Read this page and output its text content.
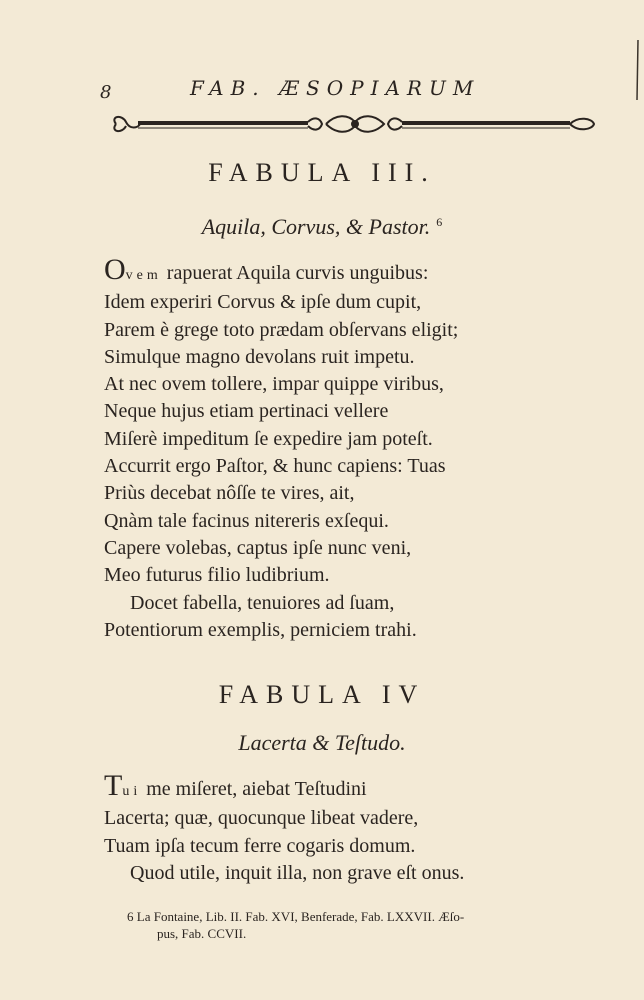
8	FAB. ÆSOPIARUM
FABULA III.
Aquila, Corvus, & Pastor. $^6$
Ovem rapuerat Aquila curvis unguibus:
Idem experiri Corvus & ipſe dum cupit,
Parem è grege toto prædam obſervans eligit;
Simulque magno devolans ruit impetu.
At nec ovem tollere, impar quippe viribus,
Neque hujus etiam pertinaci vellere
Miſerè impeditum ſe expedire jam poteſt.
Accurrit ergo Paſtor, & hunc capiens: Tuas
Priùs decebat nôſſe te vires, ait,
Qnàm tale facinus nitereris exſequi.
Capere volebas, captus ipſe nunc veni,
Meo futurus filio ludibrium.
Docet fabella, tenuiores ad ſuam,
Potentiorum exemplis, perniciem trahi.
FABULA IV
Lacerta & Teſtudo.
Tui me miſeret, aiebat Teſtudini
Lacerta; quæ, quocunque libeat vadere,
Tuam ipſa tecum ferre cogaris domum.
Quod utile, inquit illa, non grave eſt onus.
6 La Fontaine, Lib. II. Fab. XVI, Benferade, Fab. LXXVII. Æſo-
pus, Fab. CCVII.
